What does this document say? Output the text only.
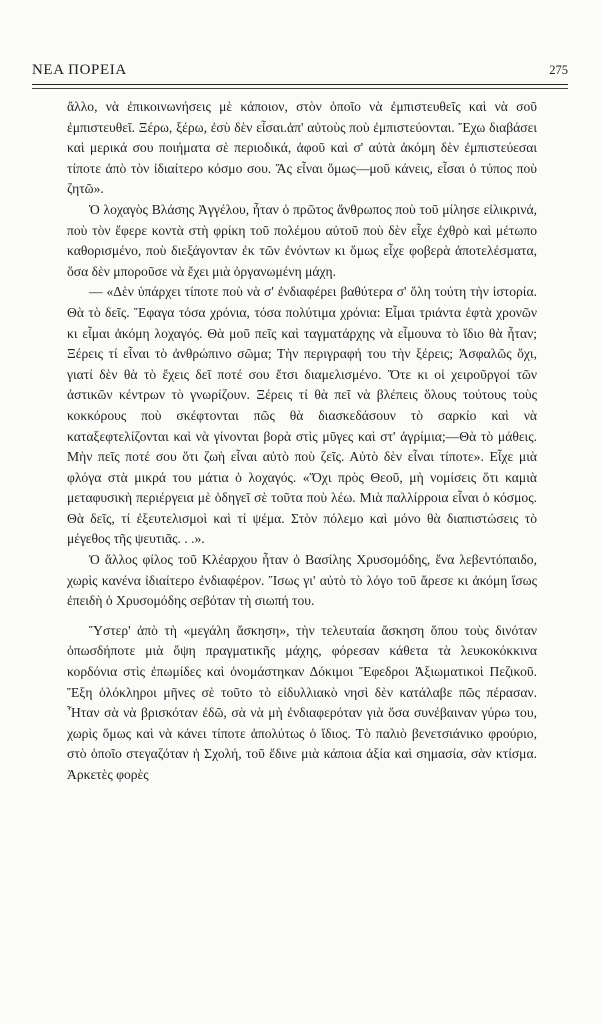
ΝΕΑ ΠΟΡΕΙΑ	275

ἄλλο, νὰ ἐπικοινωνήσεις μὲ κάποιον, στὸν ὁποῖο νὰ ἐμπιστευθεῖς καὶ νὰ σοῦ ἐμπιστευθεῖ. Ξέρω, ξέρω, ἐσὺ δὲν εἶσαι.ἀπ' αὐτοὺς ποὺ ἐμπιστεύονται. Ἔχω διαβάσει καὶ μερικά σου ποιήματα σὲ περιοδικά, ἀφοῦ καὶ σ' αὐτὰ ἀκόμη δὲν ἐμπιστεύεσαι τίποτε ἀπὸ τὸν ἰδιαίτερο κόσμο σου. Ἄς εἶναι ὅμως—μοῦ κάνεις, εἶσαι ὁ τύπος ποὺ ζητῶ».

Ὁ λοχαγὸς Βλάσης Ἀγγέλου, ἦταν ὁ πρῶτος ἄνθρωπος ποὺ τοῦ μίλησε εἰλικρινά, ποὺ τὸν ἔφερε κοντὰ στὴ φρίκη τοῦ πολέμου αὐτοῦ ποὺ δὲν εἶχε ἐχθρὸ καὶ μέτωπο καθορισμένο, ποὺ διεξάγονταν ἐκ τῶν ἐνόντων κι ὅμως εἶχε φοβερὰ ἀποτελέσματα, ὅσα δὲν μποροῦσε νὰ ἔχει μιὰ ὀργανωμένη μάχη.

— «Δὲν ὑπάρχει τίποτε ποὺ νὰ σ' ἐνδιαφέρει βαθύτερα σ' ὅλη τούτη τὴν ἱστορία. Θὰ τὸ δεῖς. Ἔφαγα τόσα χρόνια, τόσα πολύτιμα χρόνια: Εἶμαι τριάντα ἑφτὰ χρονῶν κι εἶμαι ἀκόμη λοχαγός. Θὰ μοῦ πεῖς καὶ ταγματάρχης νὰ εἶμουνα τὸ ἴδιο θὰ ἦταν; Ξέρεις τί εἶναι τὸ ἀνθρώπινο σῶμα; Τὴν περιγραφή του τὴν ξέρεις; Ἀσφαλῶς ὄχι, γιατί δὲν θὰ τὸ ἔχεις δεῖ ποτέ σου ἔτσι διαμελισμένο. Ὄτε κι οἱ χειροῦργοί τῶν ἀστικῶν κέντρων τὸ γνωρίζουν. Ξέρεις τί θὰ πεῖ νὰ βλέπεις ὅλους τούτους τοὺς κοκκόρους ποὺ σκέφτονται πῶς θὰ διασκεδάσουν τὸ σαρκίο καὶ νὰ καταξεφτελίζονται καὶ νὰ γίνονται βορὰ στὶς μῦγες καὶ στ' ἀγρίμια;—Θὰ τὸ μάθεις. Μὴν πεῖς ποτέ σου ὅτι ζωὴ εἶναι αὐτὸ ποὺ ζεῖς. Αὐτὸ δὲν εἶναι τίποτε». Εἶχε μιὰ φλόγα στὰ μικρά του μάτια ὁ λοχαγός. «Ὄχι πρὸς Θεοῦ, μὴ νομίσεις ὅτι καμιὰ μεταφυσικὴ περιέργεια μὲ ὁδηγεῖ σὲ τοῦτα ποὺ λέω. Μιὰ παλλίρροια εἶναι ὁ κόσμος. Θὰ δεῖς, τί ἐξευτελισμοὶ καὶ τί ψέμα. Στὸν πόλεμο καὶ μόνο θὰ διαπιστώσεις τὸ μέγεθος τῆς ψευτιᾶς. . .».

Ὁ ἄλλος φίλος τοῦ Κλέαρχου ἦταν ὁ Βασίλης Χρυσομόδης, ἕνα λεβεντόπαιδο, χωρὶς κανένα ἰδιαίτερο ἐνδιαφέρον. Ἴσως γι' αὐτὸ τὸ λόγο τοῦ ἄρεσε κι ἀκόμη ἴσως ἐπειδὴ ὁ Χρυσομόδης σεβόταν τὴ σιωπή του.

Ὕστερ' ἀπὸ τὴ «μεγάλη ἄσκηση», τὴν τελευταία ἄσκηση ὅπου τοὺς δινόταν ὁπωσδήποτε μιὰ ὄψη πραγματικῆς μάχης, φόρεσαν κάθετα τὰ λευκοκόκκινα κορδόνια στὶς ἐπωμίδες καὶ ὀνομάστηκαν Δόκιμοι Ἔφεδροι Ἀξιωματικοὶ Πεζικοῦ. Ἔξη ὁλόκληροι μῆνες σὲ τοῦτο τὸ εἰδυλλιακὸ νησὶ δὲν κατάλαβε πῶς πέρασαν. Ἦταν σὰ νὰ βρισκόταν ἐδῶ, σὰ νὰ μὴ ἐνδιαφερόταν γιὰ ὅσα συνέβαιναν γύρω του, χωρὶς ὅμως καὶ νὰ κάνει τίποτε ἀπολύτως ὁ ἴδιος. Τὸ παλιὸ βενετσιάνικο φρούριο, στὸ ὁποῖο στεγαζόταν ἡ Σχολή, τοῦ ἔδινε μιὰ κάποια ἀξία καὶ σημασία, σὰν κτίσμα. Ἀρκετὲς φορὲς
